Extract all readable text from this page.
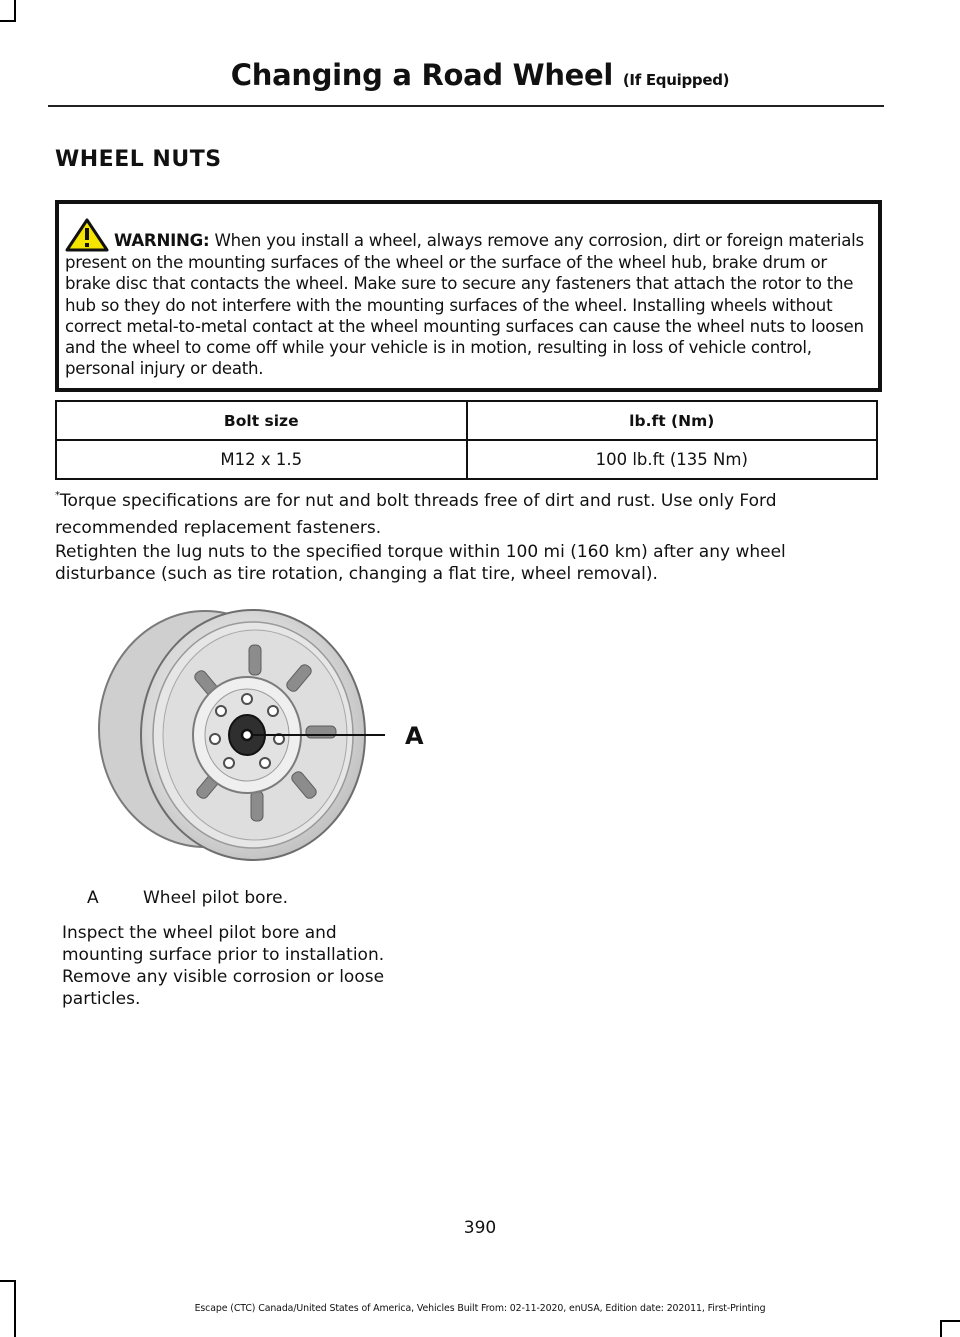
Changing a Road Wheel (If Equipped)
WHEEL NUTS
WARNING: When you install a wheel, always remove any corrosion, dirt or foreign materials present on the mounting surfaces of the wheel or the surface of the wheel hub, brake drum or brake disc that contacts the wheel. Make sure to secure any fasteners that attach the rotor to the hub so they do not interfere with the mounting surfaces of the wheel. Installing wheels without correct metal-to-metal contact at the wheel mounting surfaces can cause the wheel nuts to loosen and the wheel to come off while your vehicle is in motion, resulting in loss of vehicle control, personal injury or death.
Bolt size	lb.ft (Nm)
M12 x 1.5	100 lb.ft (135 Nm)
*Torque specifications are for nut and bolt threads free of dirt and rust. Use only Ford recommended replacement fasteners.
Retighten the lug nuts to the specified torque within 100 mi (160 km) after any wheel disturbance (such as tire rotation, changing a flat tire, wheel removal).
A
A	Wheel pilot bore.
Inspect the wheel pilot bore and mounting surface prior to installation. Remove any visible corrosion or loose particles.
390
Escape (CTC) Canada/United States of America, Vehicles Built From: 02-11-2020, enUSA, Edition date: 202011, First-Printing
